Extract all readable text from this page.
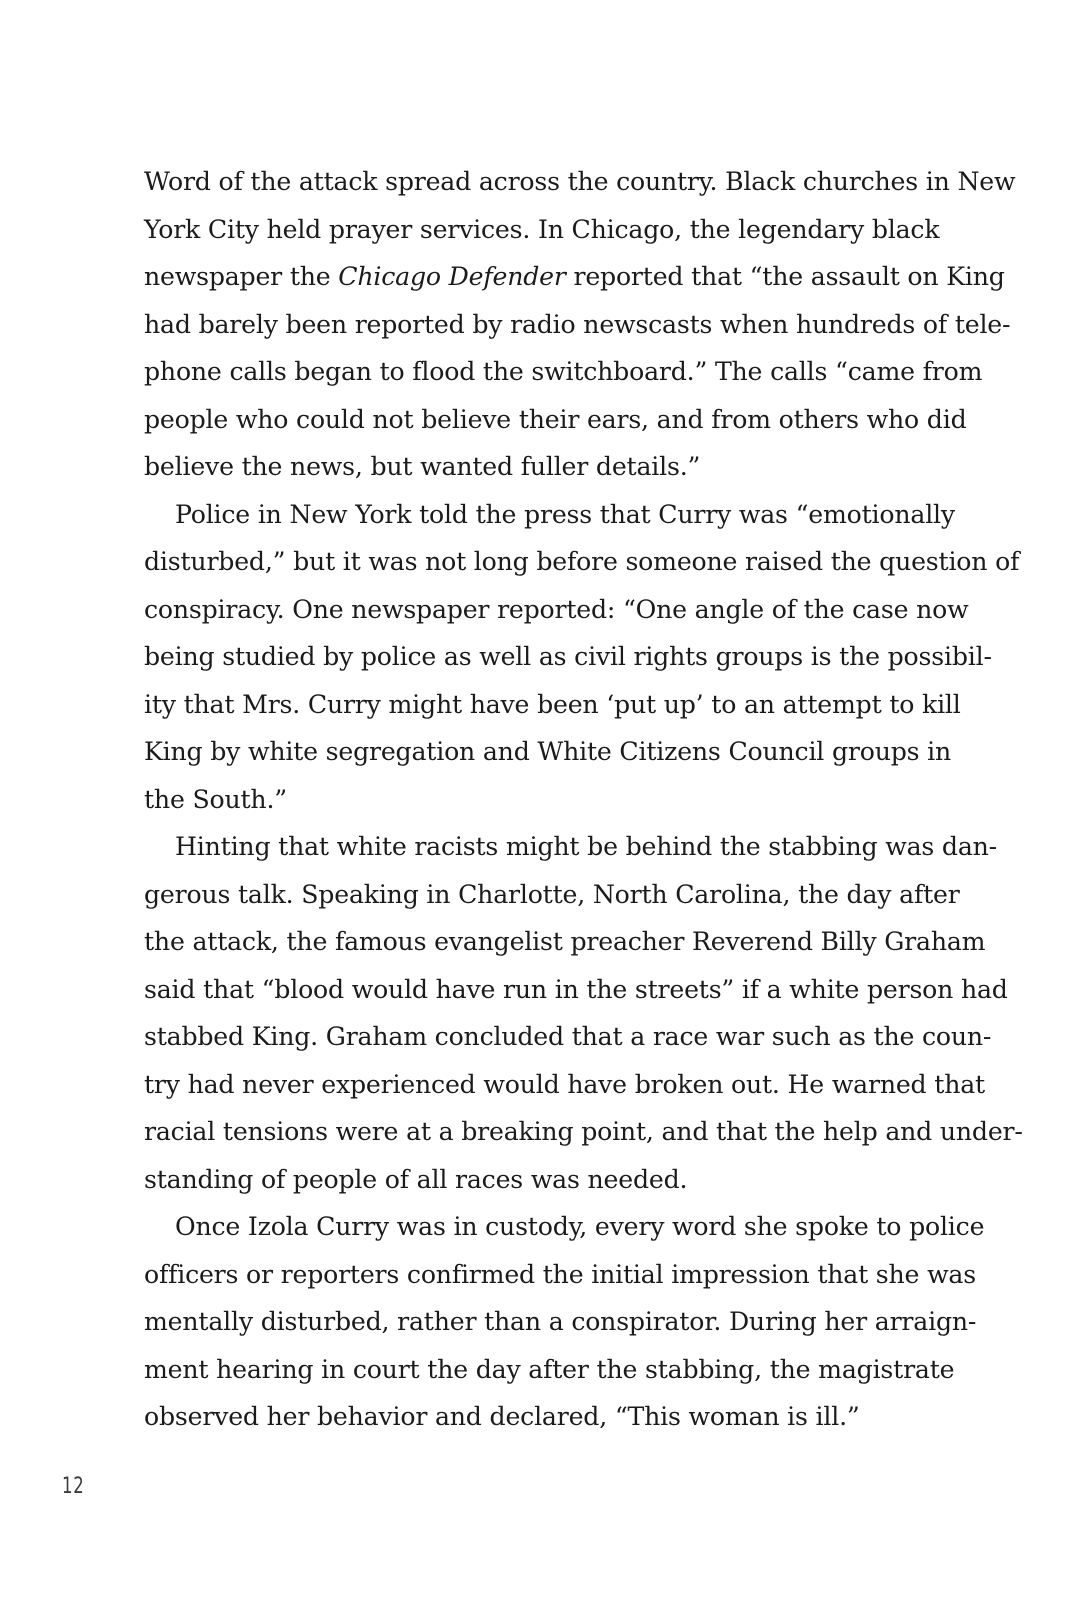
Word of the attack spread across the country. Black churches in New
York City held prayer services. In Chicago, the legendary black
newspaper the Chicago Defender reported that “the assault on King
had barely been reported by radio newscasts when hundreds of tele-
phone calls began to flood the switchboard.” The calls “came from
people who could not believe their ears, and from others who did
believe the news, but wanted fuller details.”
Police in New York told the press that Curry was “emotionally
disturbed,” but it was not long before someone raised the question of
conspiracy. One newspaper reported: “One angle of the case now
being studied by police as well as civil rights groups is the possibil-
ity that Mrs. Curry might have been ‘put up’ to an attempt to kill
King by white segregation and White Citizens Council groups in
the South.”
Hinting that white racists might be behind the stabbing was dan-
gerous talk. Speaking in Charlotte, North Carolina, the day after
the attack, the famous evangelist preacher Reverend Billy Graham
said that “blood would have run in the streets” if a white person had
stabbed King. Graham concluded that a race war such as the coun-
try had never experienced would have broken out. He warned that
racial tensions were at a breaking point, and that the help and under-
standing of people of all races was needed.
Once Izola Curry was in custody, every word she spoke to police
officers or reporters confirmed the initial impression that she was
mentally disturbed, rather than a conspirator. During her arraign-
ment hearing in court the day after the stabbing, the magistrate
observed her behavior and declared, “This woman is ill.”
12
